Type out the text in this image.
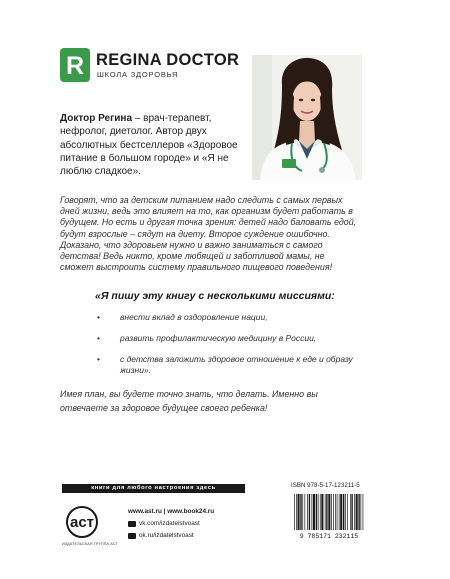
R REGINA DOCTOR
ШКОЛА ЗДОРОВЬЯ
Доктор Регина – врач-терапевт, нефролог, диетолог. Автор двух абсолютных бестселлеров «Здоровое питание в большом городе» и «Я не люблю сладкое».
Говорят, что за детским питанием надо следить с самых первых дней жизни, ведь это влияет на то, как организм будет работать в будущем. Но есть и другая точка зрения: детей надо баловать едой, будут взрослые – сядут на диету. Второе суждение ошибочно. Доказано, что здоровьем нужно и важно заниматься с самого детства! Ведь никто, кроме любящей и заботливой мамы, не сможет выстроить систему правильного пищевого поведения!
«Я пишу эту книгу с несколькими миссиями:
• внести вклад в оздоровление нации,
• развить профилактическую медицину в России,
• с детства заложить здоровое отношение к еде и образу жизни».
Имея план, вы будете точно знать, что делать. Именно вы отвечаете за здоровое будущее своего ребенка!
книги для любого настроения здесь
аст
ИЗДАТЕЛЬСКАЯ ГРУППА АСТ
www.ast.ru | www.book24.ru
vk.com/izdatelstvoast
ok.ru/izdatelstvoast
ISBN 978-5-17-123211-5
9 785171 232115
